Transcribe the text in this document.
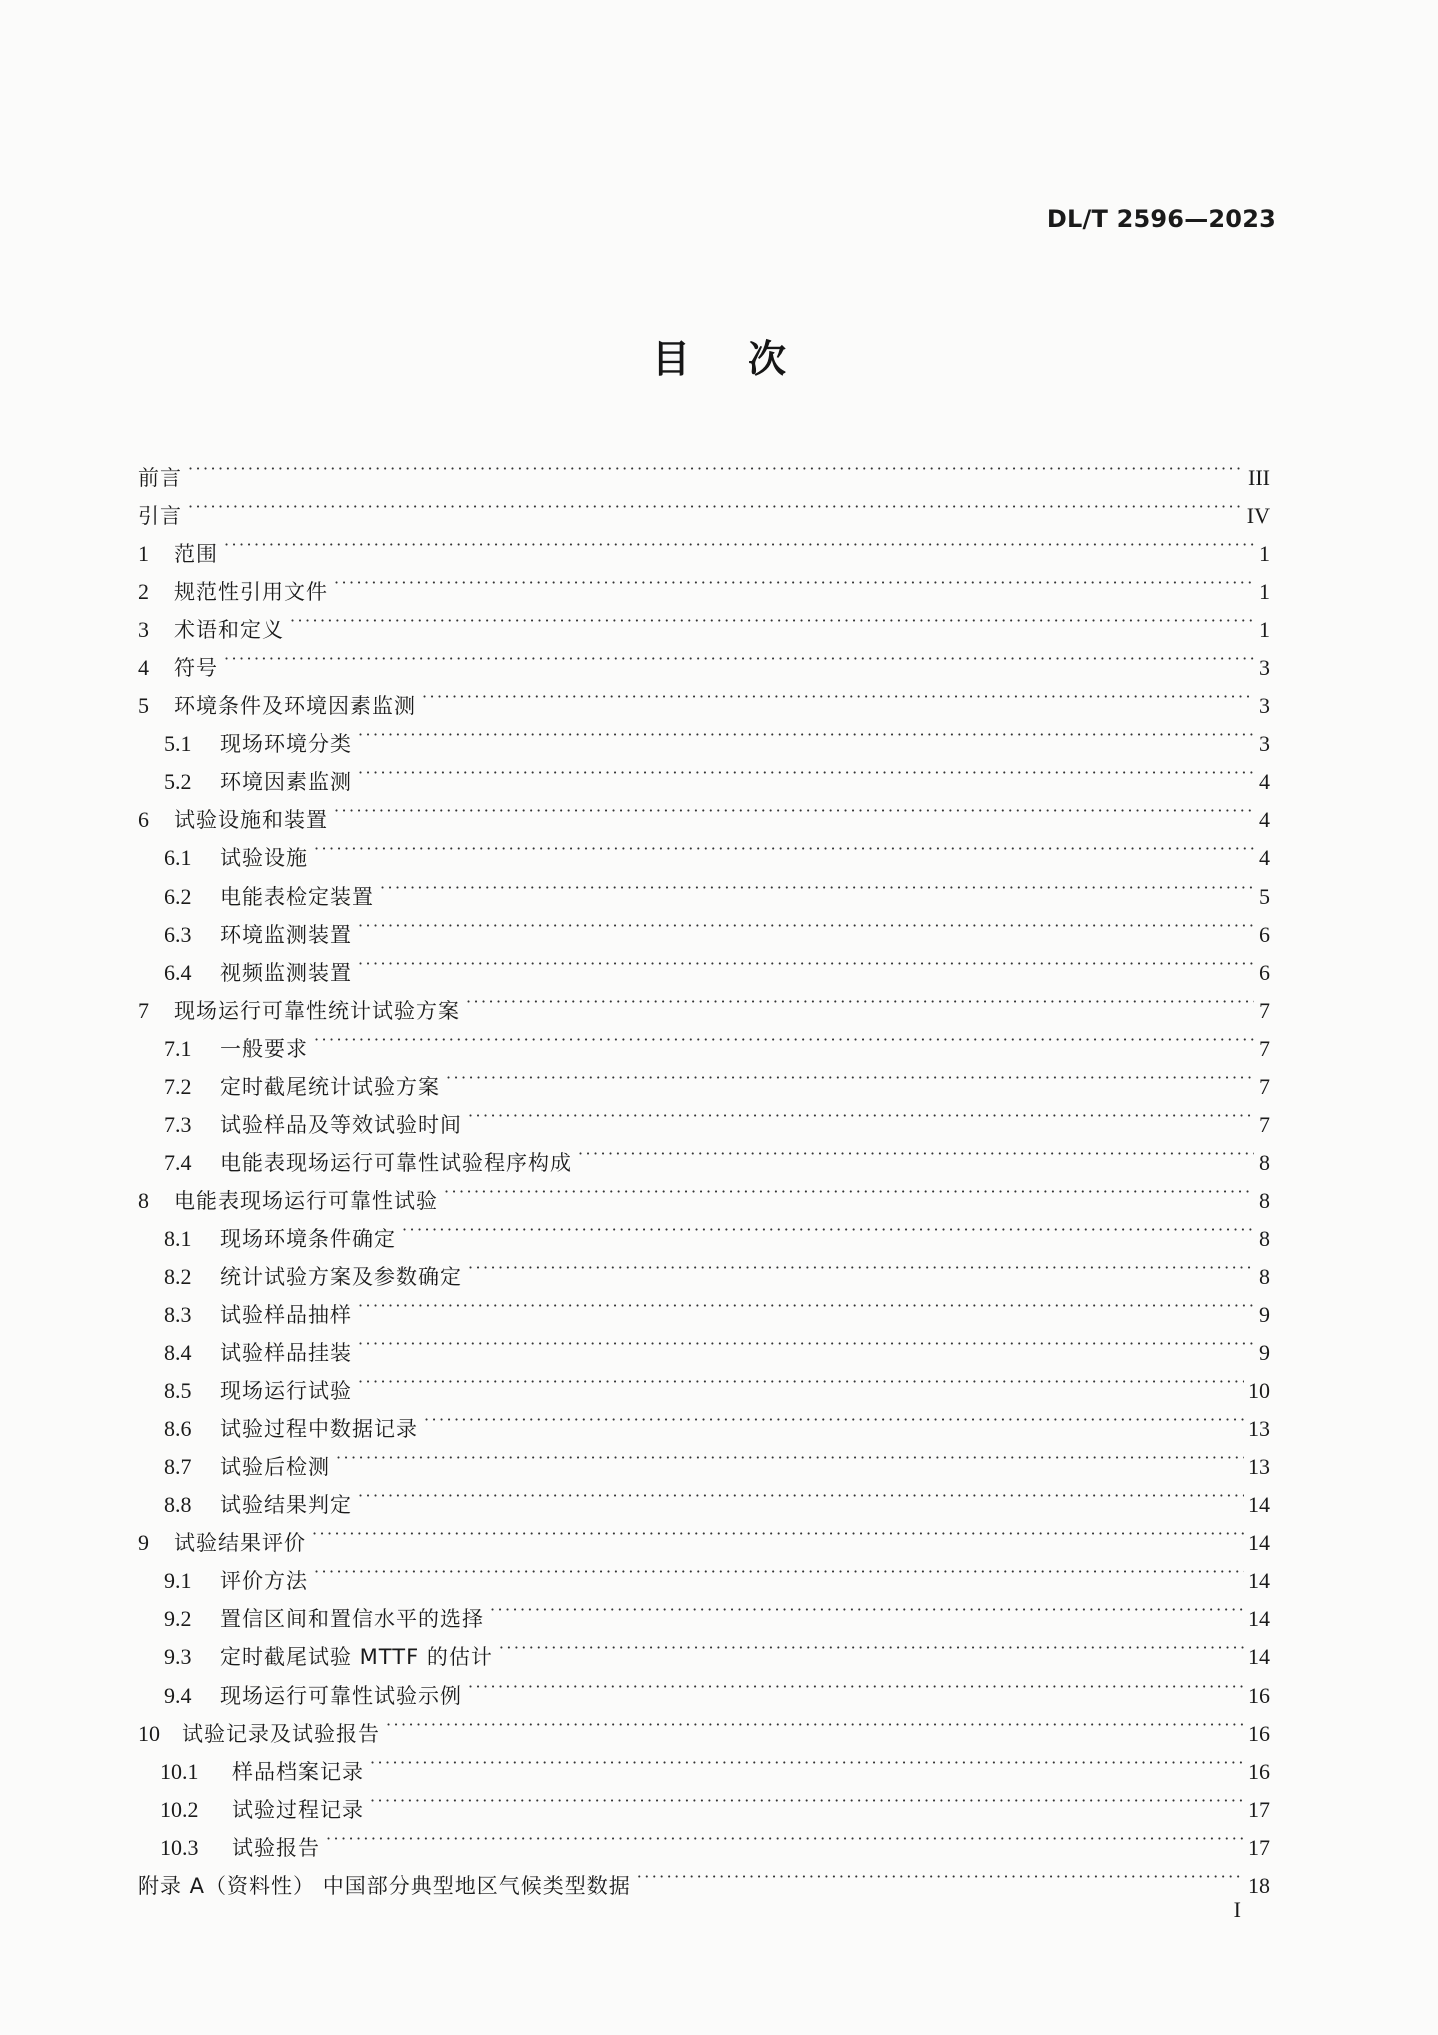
DL/T 2596—2023
目次
前言 ·····	III
引言 ·····	IV
1	范围 ·····	1
2	规范性引用文件 ·····	1
3	术语和定义 ·····	1
4	符号 ·····	3
5	环境条件及环境因素监测 ·····	3
5.1	现场环境分类 ·····	3
5.2	环境因素监测 ·····	4
6	试验设施和装置 ·····	4
6.1	试验设施 ·····	4
6.2	电能表检定装置 ·····	5
6.3	环境监测装置 ·····	6
6.4	视频监测装置 ·····	6
7	现场运行可靠性统计试验方案 ·····	7
7.1	一般要求 ·····	7
7.2	定时截尾统计试验方案 ·····	7
7.3	试验样品及等效试验时间 ·····	7
7.4	电能表现场运行可靠性试验程序构成 ·····	8
8	电能表现场运行可靠性试验 ·····	8
8.1	现场环境条件确定 ·····	8
8.2	统计试验方案及参数确定 ·····	8
8.3	试验样品抽样 ·····	9
8.4	试验样品挂装 ·····	9
8.5	现场运行试验 ·····	10
8.6	试验过程中数据记录 ·····	13
8.7	试验后检测 ·····	13
8.8	试验结果判定 ·····	14
9	试验结果评价 ·····	14
9.1	评价方法 ·····	14
9.2	置信区间和置信水平的选择 ·····	14
9.3	定时截尾试验 MTTF 的估计 ·····	14
9.4	现场运行可靠性试验示例 ·····	16
10	试验记录及试验报告 ·····	16
10.1	样品档案记录 ·····	16
10.2	试验过程记录 ·····	17
10.3	试验报告 ·····	17
附录 A（资料性） 中国部分典型地区气候类型数据 ·····	18
I
